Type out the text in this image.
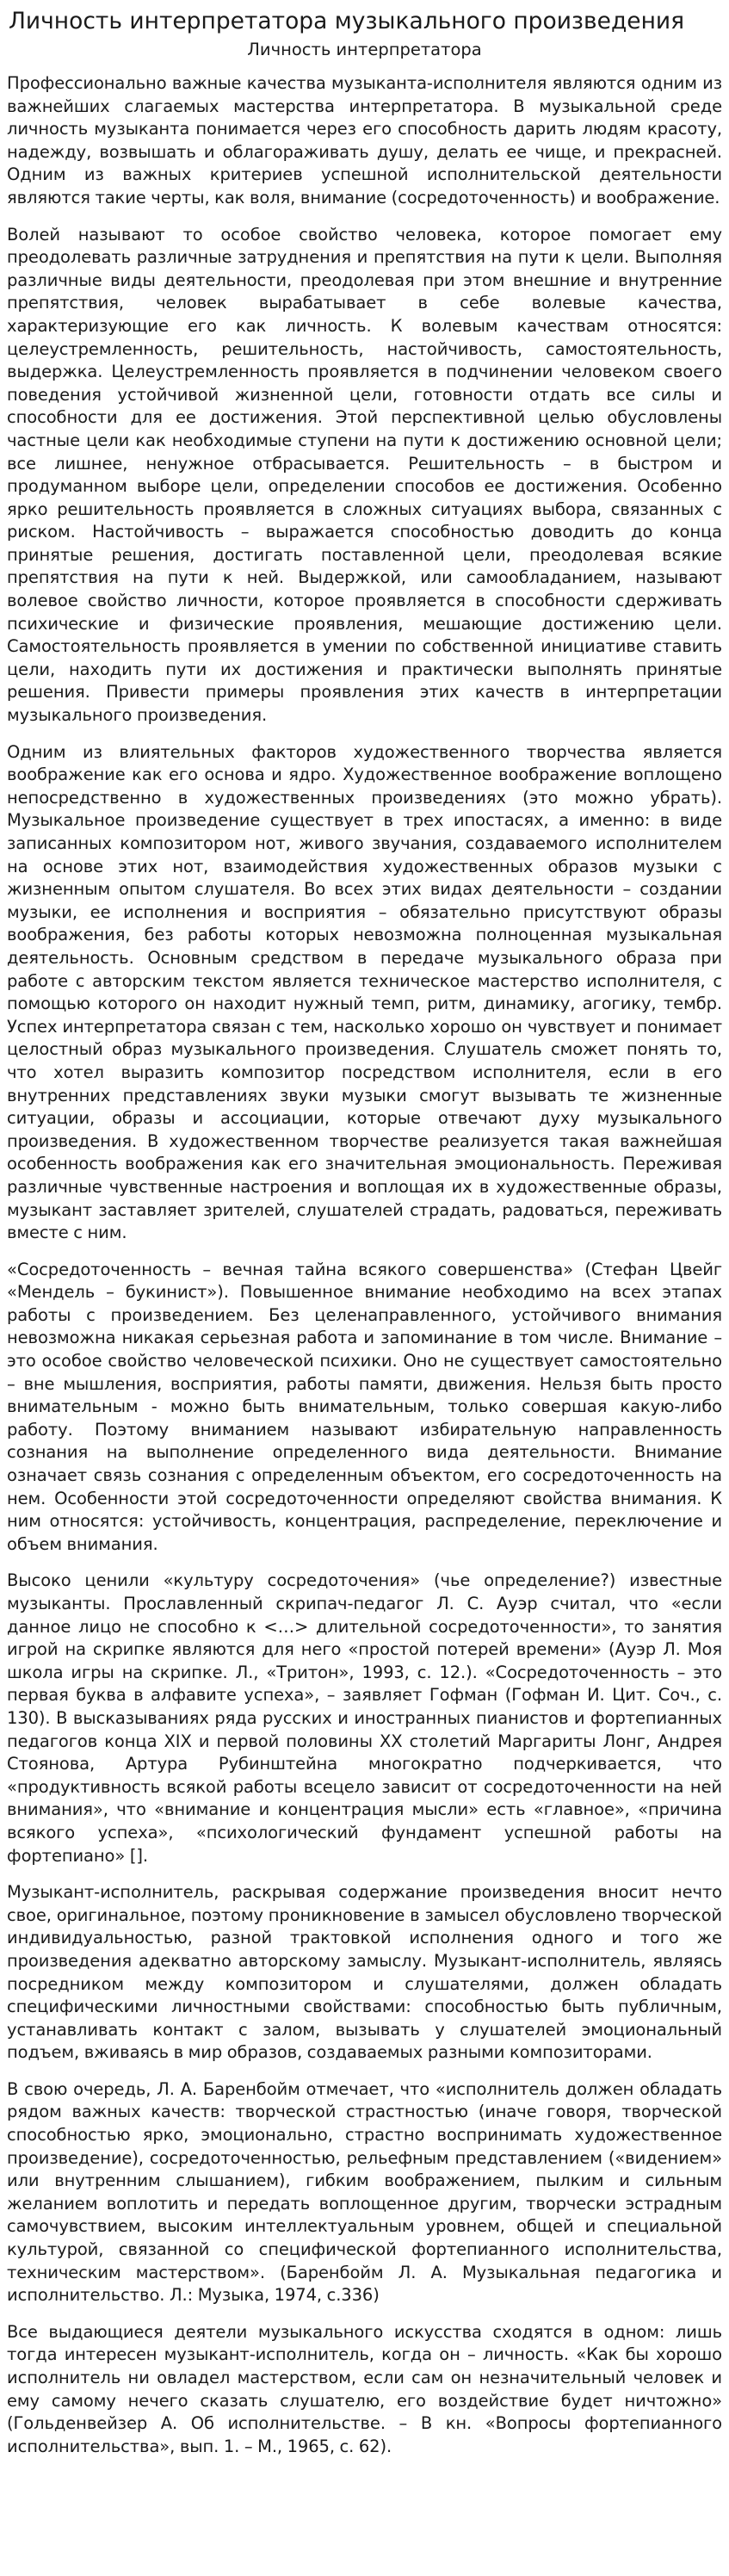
Личность интерпретатора музыкального произведения
Личность интерпретатора

Профессионально важные качества музыканта-исполнителя являются одним из важнейших слагаемых мастерства интерпретатора. В музыкальной среде личность музыканта понимается через его способность дарить людям красоту, надежду, возвышать и облагораживать душу, делать ее чище, и прекрасней. Одним из важных критериев успешной исполнительской деятельности являются такие черты, как воля, внимание (сосредоточенность) и воображение.

Волей называют то особое свойство человека, которое помогает ему преодолевать различные затруднения и препятствия на пути к цели. Выполняя различные виды деятельности, преодолевая при этом внешние и внутренние препятствия, человек вырабатывает в себе волевые качества, характеризующие его как личность. К волевым качествам относятся: целеустремленность, решительность, настойчивость, самостоятельность, выдержка. Целеустремленность проявляется в подчинении человеком своего поведения устойчивой жизненной цели, готовности отдать все силы и способности для ее достижения. Этой перспективной целью обусловлены частные цели как необходимые ступени на пути к достижению основной цели; все лишнее, ненужное отбрасывается. Решительность – в быстром и продуманном выборе цели, определении способов ее достижения. Особенно ярко решительность проявляется в сложных ситуациях выбора, связанных с риском. Настойчивость – выражается способностью доводить до конца принятые решения, достигать поставленной цели, преодолевая всякие препятствия на пути к ней. Выдержкой, или самообладанием, называют волевое свойство личности, которое проявляется в способности сдерживать психические и физические проявления, мешающие достижению цели. Самостоятельность проявляется в умении по собственной инициативе ставить цели, находить пути их достижения и практически выполнять принятые решения. Привести примеры проявления этих качеств в интерпретации музыкального произведения.

Одним из влиятельных факторов художественного творчества является воображение как его основа и ядро. Художественное воображение воплощено непосредственно в художественных произведениях (это можно убрать). Музыкальное произведение существует в трех ипостасях, а именно: в виде записанных композитором нот, живого звучания, создаваемого исполнителем на основе этих нот, взаимодействия художественных образов музыки с жизненным опытом слушателя. Во всех этих видах деятельности – создании музыки, ее исполнения и восприятия – обязательно присутствуют образы воображения, без работы которых невозможна полноценная музыкальная деятельность. Основным средством в передаче музыкального образа при работе с авторским текстом является техническое мастерство исполнителя, с помощью которого он находит нужный темп, ритм, динамику, агогику, тембр. Успех интерпретатора связан с тем, насколько хорошо он чувствует и понимает целостный образ музыкального произведения. Слушатель сможет понять то, что хотел выразить композитор посредством исполнителя, если в его внутренних представлениях звуки музыки смогут вызывать те жизненные ситуации, образы и ассоциации, которые отвечают духу музыкального произведения. В художественном творчестве реализуется такая важнейшая особенность воображения как его значительная эмоциональность. Переживая различные чувственные настроения и воплощая их в художественные образы, музыкант заставляет зрителей, слушателей страдать, радоваться, переживать вместе с ним.

«Сосредоточенность – вечная тайна всякого совершенства» (Стефан Цвейг «Мендель – букинист»). Повышенное внимание необходимо на всех этапах работы с произведением. Без целенаправленного, устойчивого внимания невозможна никакая серьезная работа и запоминание в том числе. Внимание – это особое свойство человеческой психики. Оно не существует самостоятельно – вне мышления, восприятия, работы памяти, движения. Нельзя быть просто внимательным - можно быть внимательным, только совершая какую-либо работу. Поэтому вниманием называют избирательную направленность сознания на выполнение определенного вида деятельности. Внимание означает связь сознания с определенным объектом, его сосредоточенность на нем. Особенности этой сосредоточенности определяют свойства внимания. К ним относятся: устойчивость, концентрация, распределение, переключение и объем внимания.

Высоко ценили «культуру сосредоточения» (чье определение?) известные музыканты. Прославленный скрипач-педагог Л. С. Ауэр считал, что «если данное лицо не способно к <…> длительной сосредоточенности», то занятия игрой на скрипке являются для него «простой потерей времени» (Ауэр Л. Моя школа игры на скрипке. Л., «Тритон», 1993, с. 12.). «Сосредоточенность – это первая буква в алфавите успеха», – заявляет Гофман (Гофман И. Цит. Соч., с. 130). В высказываниях ряда русских и иностранных пианистов и фортепианных педагогов конца XIX и первой половины XX столетий Маргариты Лонг, Андрея Стоянова, Артура Рубинштейна многократно подчеркивается, что «продуктивность всякой работы всецело зависит от сосредоточенности на ней внимания», что «внимание и концентрация мысли» есть «главное», «причина всякого успеха», «психологический фундамент успешной работы на фортепиано» [].

Музыкант-исполнитель, раскрывая содержание произведения вносит нечто свое, оригинальное, поэтому проникновение в замысел обусловлено творческой индивидуальностью, разной трактовкой исполнения одного и того же произведения адекватно авторскому замыслу. Музыкант-исполнитель, являясь посредником между композитором и слушателями, должен обладать специфическими личностными свойствами: способностью быть публичным, устанавливать контакт с залом, вызывать у слушателей эмоциональный подъем, вживаясь в мир образов, создаваемых разными композиторами.

В свою очередь, Л. А. Баренбойм отмечает, что «исполнитель должен обладать рядом важных качеств: творческой страстностью (иначе говоря, творческой способностью ярко, эмоционально, страстно воспринимать художественное произведение), сосредоточенностью, рельефным представлением («видением» или внутренним слышанием), гибким воображением, пылким и сильным желанием воплотить и передать воплощенное другим, творчески эстрадным самочувствием, высоким интеллектуальным уровнем, общей и специальной культурой, связанной со специфической фортепианного исполнительства, техническим мастерством». (Баренбойм Л. А. Музыкальная педагогика и исполнительство. Л.: Музыка, 1974, с.336)

Все выдающиеся деятели музыкального искусства сходятся в одном: лишь тогда интересен музыкант-исполнитель, когда он – личность. «Как бы хорошо исполнитель ни овладел мастерством, если сам он незначительный человек и ему самому нечего сказать слушателю, его воздействие будет ничтожно» (Гольденвейзер А. Об исполнительстве. – В кн. «Вопросы фортепианного исполнительства», вып. 1. – М., 1965, с. 62).
